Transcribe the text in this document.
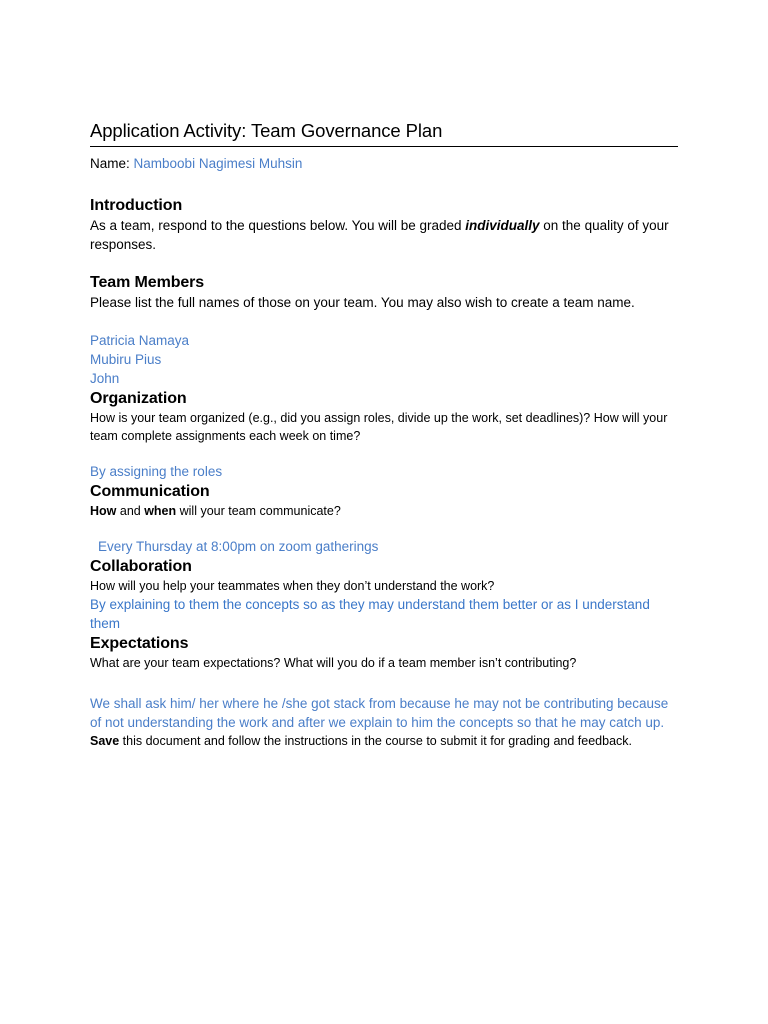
Application Activity: Team Governance Plan
Name: Namboobi Nagimesi Muhsin
Introduction

As a team, respond to the questions below. You will be graded individually on the quality of your responses.

Team Members

Please list the full names of those on your team. You may also wish to create a team name.

Patricia Namaya
Mubiru Pius
John
Organization

How is your team organized (e.g., did you assign roles, divide up the work, set deadlines)? How will your team complete assignments each week on time?

By assigning the roles

Communication

How and when will your team communicate?

Every Thursday at 8:00pm on zoom gatherings

Collaboration

How will you help your teammates when they don’t understand the work?

By explaining to them the concepts so as they may understand them better or as I understand them

Expectations

What are your team expectations? What will you do if a team member isn’t contributing?

We shall ask him/ her where he /she got stack from because he may not be contributing because of not understanding the work and after we explain to him the concepts so that he may catch up.

Save this document and follow the instructions in the course to submit it for grading and feedback.
